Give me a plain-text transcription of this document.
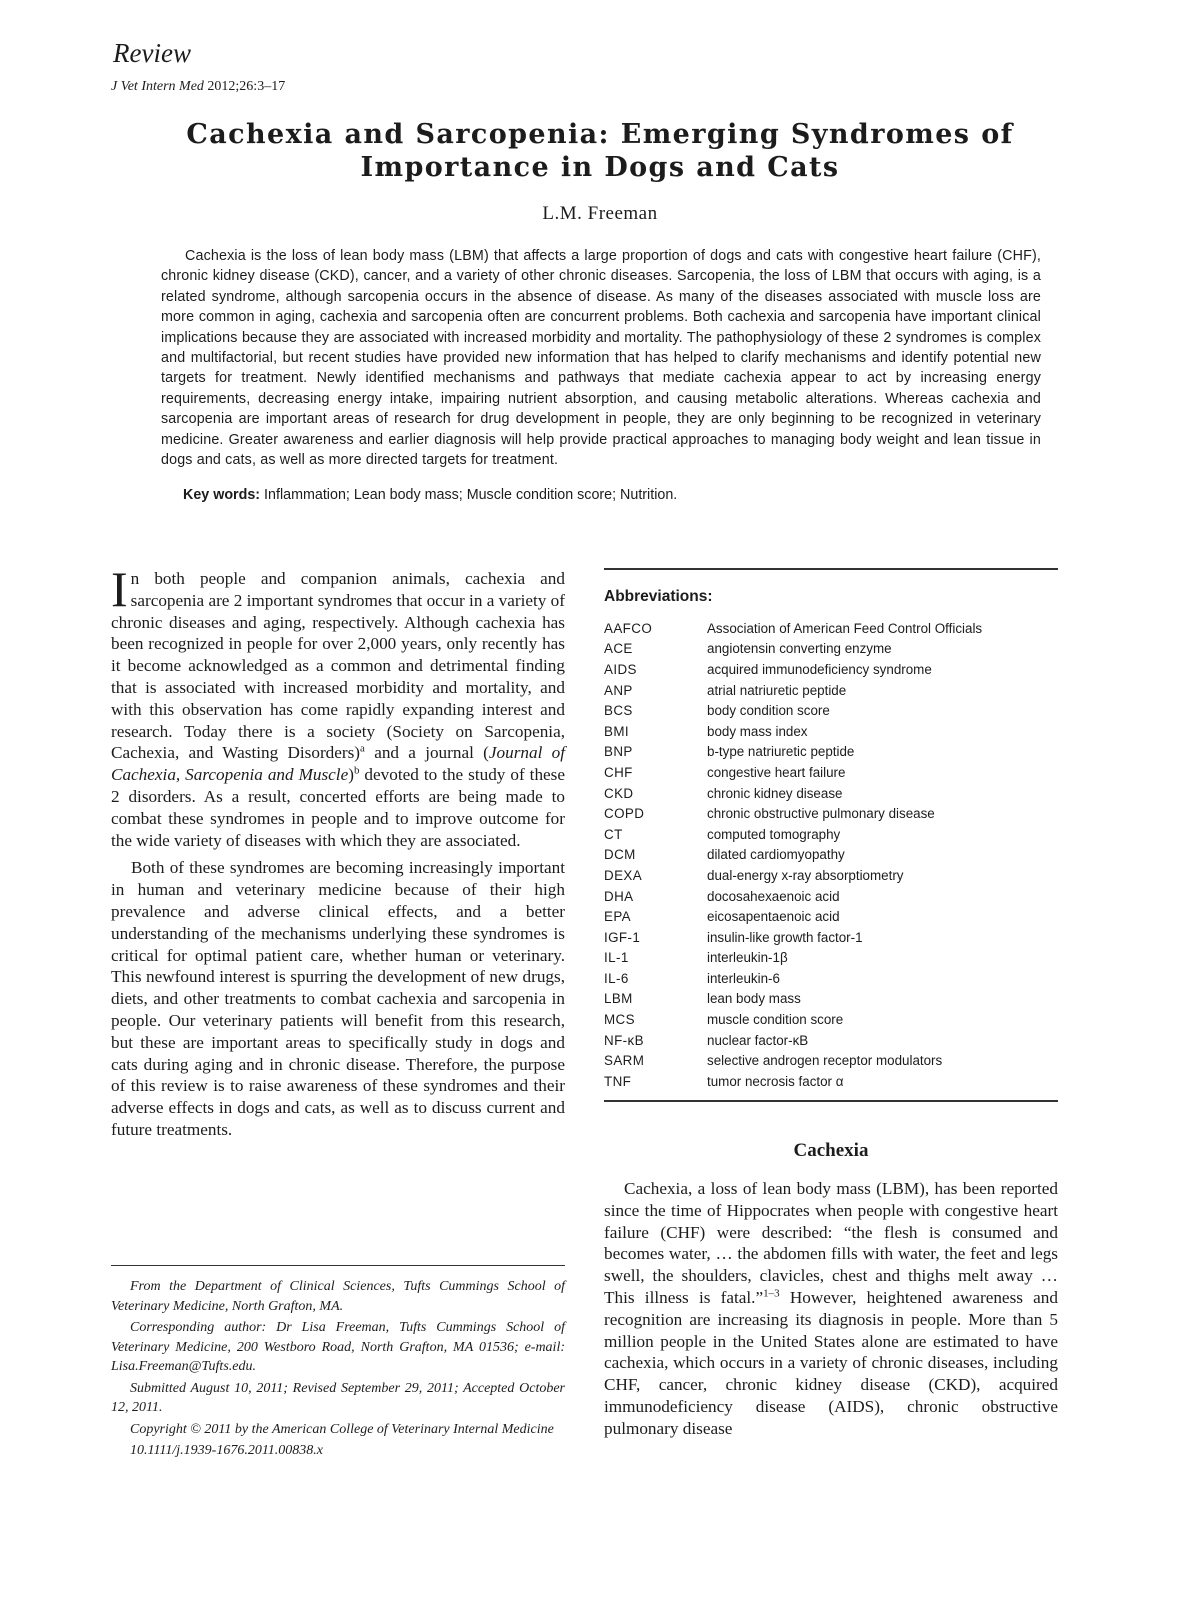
Review
J Vet Intern Med 2012;26:3–17
Cachexia and Sarcopenia: Emerging Syndromes of Importance in Dogs and Cats
L.M. Freeman
Cachexia is the loss of lean body mass (LBM) that affects a large proportion of dogs and cats with congestive heart failure (CHF), chronic kidney disease (CKD), cancer, and a variety of other chronic diseases. Sarcopenia, the loss of LBM that occurs with aging, is a related syndrome, although sarcopenia occurs in the absence of disease. As many of the diseases associated with muscle loss are more common in aging, cachexia and sarcopenia often are concurrent problems. Both cachexia and sarcopenia have important clinical implications because they are associated with increased morbidity and mortality. The pathophysiology of these 2 syndromes is complex and multifactorial, but recent studies have provided new information that has helped to clarify mechanisms and identify potential new targets for treatment. Newly identified mechanisms and pathways that mediate cachexia appear to act by increasing energy requirements, decreasing energy intake, impairing nutrient absorption, and causing metabolic alterations. Whereas cachexia and sarcopenia are important areas of research for drug development in people, they are only beginning to be recognized in veterinary medicine. Greater awareness and earlier diagnosis will help provide practical approaches to managing body weight and lean tissue in dogs and cats, as well as more directed targets for treatment.
Key words: Inflammation; Lean body mass; Muscle condition score; Nutrition.

In both people and companion animals, cachexia and sarcopenia are 2 important syndromes that occur in a variety of chronic diseases and aging, respectively. Although cachexia has been recognized in people for over 2,000 years, only recently has it become acknowledged as a common and detrimental finding that is associated with increased morbidity and mortality, and with this observation has come rapidly expanding interest and research. Today there is a society (Society on Sarcopenia, Cachexia, and Wasting Disorders)$^a$ and a journal (Journal of Cachexia, Sarcopenia and Muscle)$^b$ devoted to the study of these 2 disorders. As a result, concerted efforts are being made to combat these syndromes in people and to improve outcome for the wide variety of diseases with which they are associated.

Both of these syndromes are becoming increasingly important in human and veterinary medicine because of their high prevalence and adverse clinical effects, and a better understanding of the mechanisms underlying these syndromes is critical for optimal patient care, whether human or veterinary. This newfound interest is spurring the development of new drugs, diets, and other treatments to combat cachexia and sarcopenia in people. Our veterinary patients will benefit from this research, but these are important areas to specifically study in dogs and cats during aging and in chronic disease. Therefore, the purpose of this review is to raise awareness of these syndromes and their adverse effects in dogs and cats, as well as to discuss current and future treatments.

From the Department of Clinical Sciences, Tufts Cummings School of Veterinary Medicine, North Grafton, MA.

Corresponding author: Dr Lisa Freeman, Tufts Cummings School of Veterinary Medicine, 200 Westboro Road, North Grafton, MA 01536; e-mail: Lisa.Freeman@Tufts.edu.

Submitted August 10, 2011; Revised September 29, 2011; Accepted October 12, 2011.

Copyright © 2011 by the American College of Veterinary Internal Medicine

10.1111/j.1939-1676.2011.00838.x

Abbreviations:
AAFCO	Association of American Feed Control Officials
ACE	angiotensin converting enzyme
AIDS	acquired immunodeficiency syndrome
ANP	atrial natriuretic peptide
BCS	body condition score
BMI	body mass index
BNP	b-type natriuretic peptide
CHF	congestive heart failure
CKD	chronic kidney disease
COPD	chronic obstructive pulmonary disease
CT	computed tomography
DCM	dilated cardiomyopathy
DEXA	dual-energy x-ray absorptiometry
DHA	docosahexaenoic acid
EPA	eicosapentaenoic acid
IGF-1	insulin-like growth factor-1
IL-1	interleukin-1β
IL-6	interleukin-6
LBM	lean body mass
MCS	muscle condition score
NF-κB	nuclear factor-κB
SARM	selective androgen receptor modulators
TNF	tumor necrosis factor α
Cachexia
Cachexia, a loss of lean body mass (LBM), has been reported since the time of Hippocrates when people with congestive heart failure (CHF) were described: “the flesh is consumed and becomes water, … the abdomen fills with water, the feet and legs swell, the shoulders, clavicles, chest and thighs melt away … This illness is fatal.”$^{1-3}$ However, heightened awareness and recognition are increasing its diagnosis in people. More than 5 million people in the United States alone are estimated to have cachexia, which occurs in a variety of chronic diseases, including CHF, cancer, chronic kidney disease (CKD), acquired immunodeficiency disease (AIDS), chronic obstructive pulmonary disease
